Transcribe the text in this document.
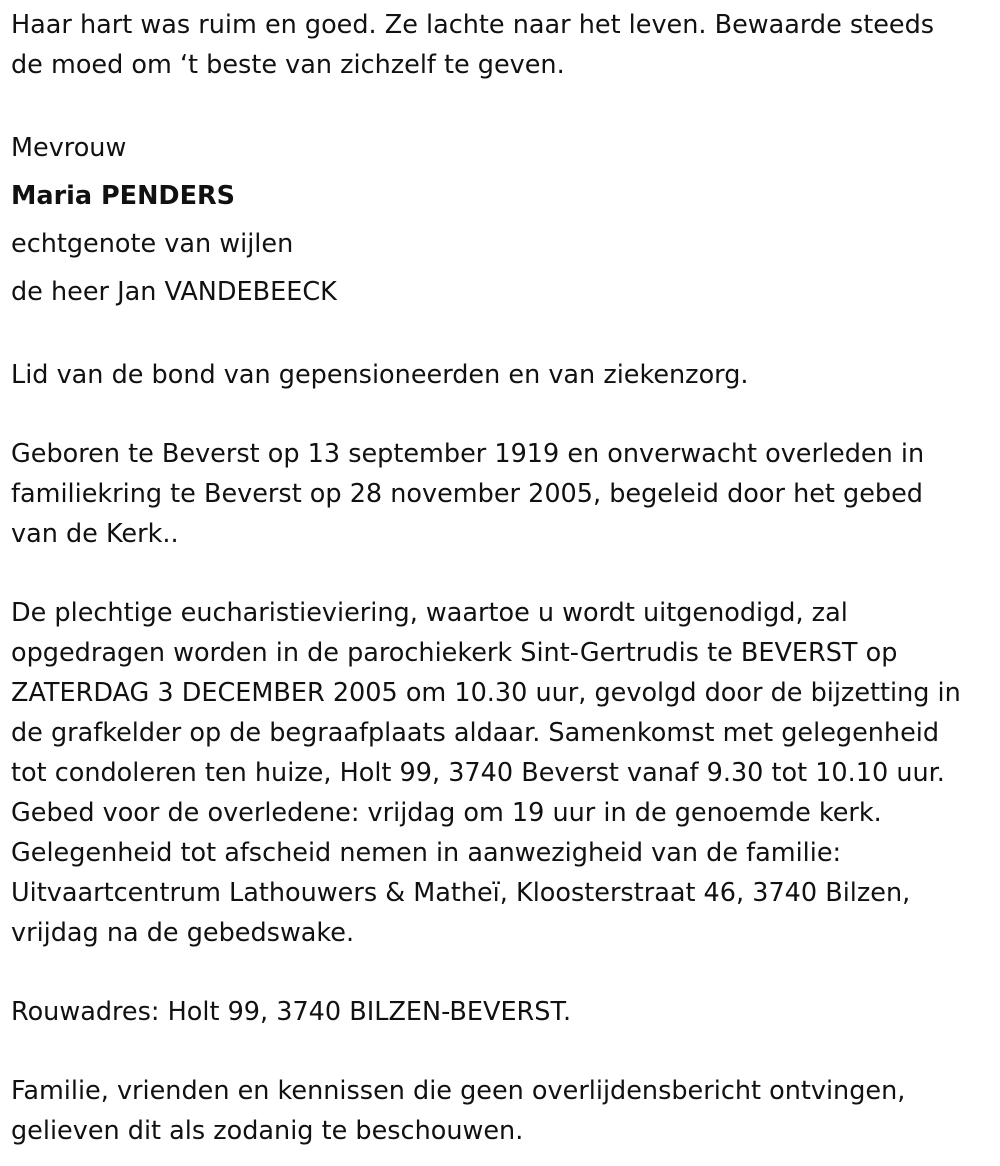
Haar hart was ruim en goed. Ze lachte naar het leven. Bewaarde steeds
de moed om ‘t beste van zichzelf te geven.
Mevrouw
Maria PENDERS
echtgenote van wijlen
de heer Jan VANDEBEECK
Lid van de bond van gepensioneerden en van ziekenzorg.
Geboren te Beverst op 13 september 1919 en onverwacht overleden in
familiekring te Beverst op 28 november 2005, begeleid door het gebed
van de Kerk..
De plechtige eucharistieviering, waartoe u wordt uitgenodigd, zal
opgedragen worden in de parochiekerk Sint-Gertrudis te BEVERST op
ZATERDAG 3 DECEMBER 2005 om 10.30 uur, gevolgd door de bijzetting in
de grafkelder op de begraafplaats aldaar. Samenkomst met gelegenheid
tot condoleren ten huize, Holt 99, 3740 Beverst vanaf 9.30 tot 10.10 uur.
Gebed voor de overledene: vrijdag om 19 uur in de genoemde kerk.
Gelegenheid tot afscheid nemen in aanwezigheid van de familie:
Uitvaartcentrum Lathouwers & Matheï, Kloosterstraat 46, 3740 Bilzen,
vrijdag na de gebedswake.
Rouwadres: Holt 99, 3740 BILZEN-BEVERST.
Familie, vrienden en kennissen die geen overlijdensbericht ontvingen,
gelieven dit als zodanig te beschouwen.
